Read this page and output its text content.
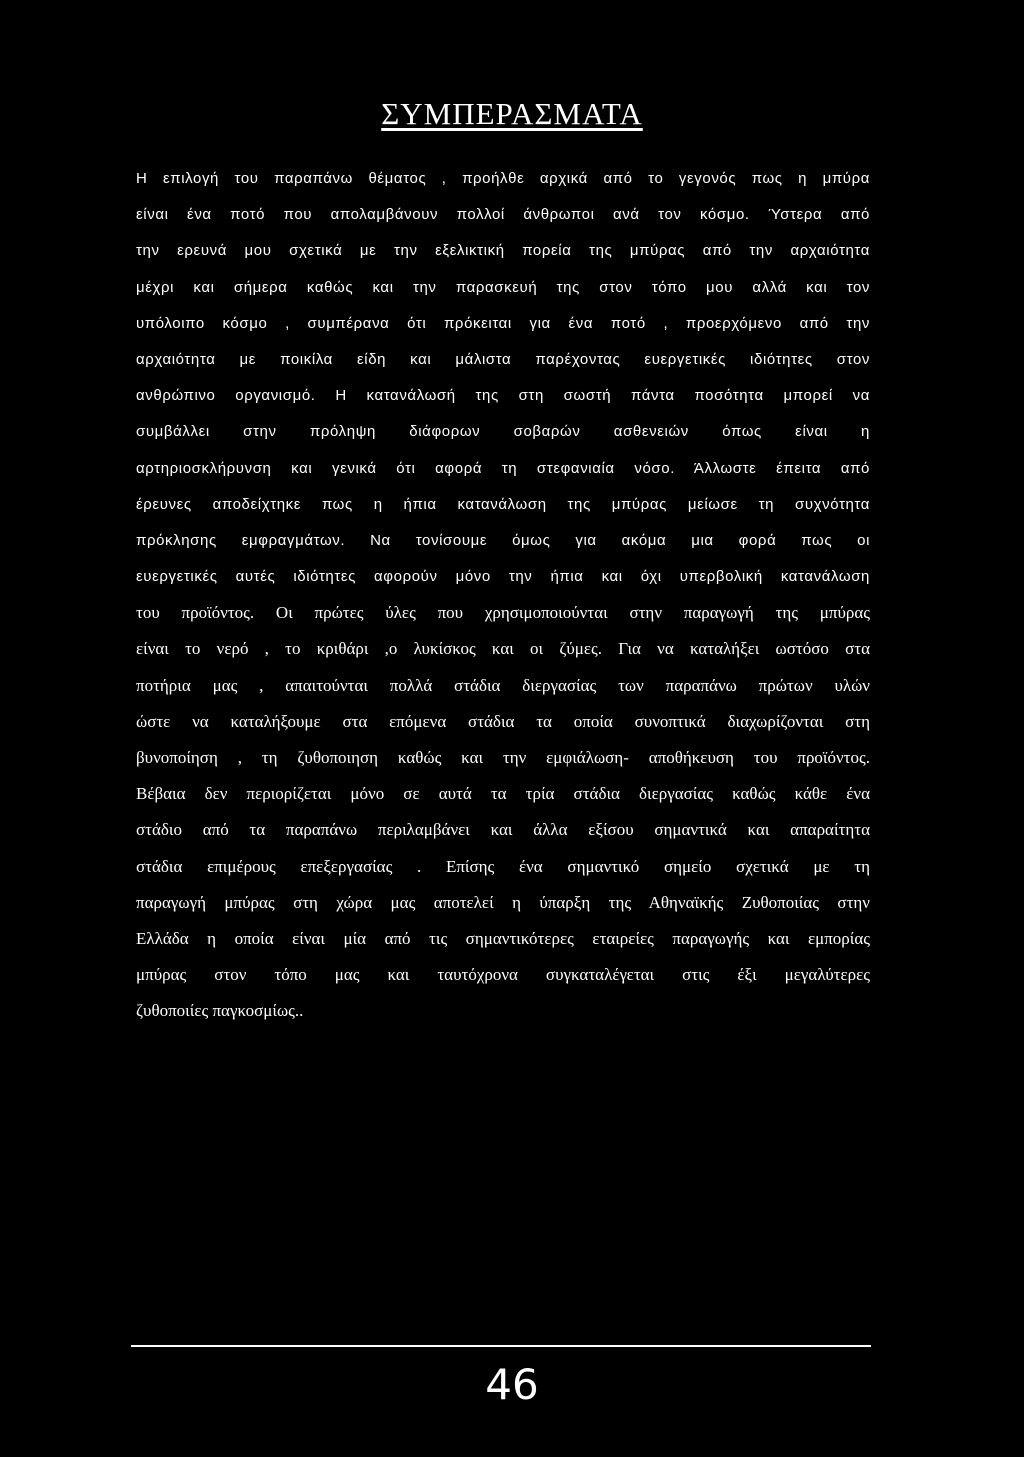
ΣΥΜΠΕΡΑΣΜΑΤΑ
Η επιλογή του παραπάνω θέματος , προήλθε αρχικά από το γεγονός πως η μπύρα
είναι ένα ποτό που απολαμβάνουν πολλοί άνθρωποι ανά τον κόσμο. Ύστερα από
την ερευνά μου σχετικά με την εξελικτική πορεία της μπύρας από την αρχαιότητα
μέχρι και σήμερα καθώς και την παρασκευή της στον τόπο μου αλλά και τον
υπόλοιπο κόσμο , συμπέρανα ότι πρόκειται για ένα ποτό , προερχόμενο από την
αρχαιότητα με ποικίλα είδη και μάλιστα παρέχοντας ευεργετικές ιδιότητες στον
ανθρώπινο οργανισμό. Η κατανάλωσή της στη σωστή πάντα ποσότητα μπορεί να
συμβάλλει στην πρόληψη διάφορων σοβαρών ασθενειών όπως είναι η
αρτηριοσκλήρυνση και γενικά ότι αφορά τη στεφανιαία νόσο. Άλλωστε έπειτα από
έρευνες αποδείχτηκε πως η ήπια κατανάλωση της μπύρας μείωσε τη συχνότητα
πρόκλησης εμφραγμάτων. Να τονίσουμε όμως για ακόμα μια φορά πως οι
ευεργετικές αυτές ιδιότητες αφορούν μόνο την ήπια και όχι υπερβολική κατανάλωση
του προϊόντος. Οι πρώτες ύλες που χρησιμοποιούνται στην παραγωγή της μπύρας
είναι το νερό , το κριθάρι ,ο λυκίσκος και οι ζύμες. Για να καταλήξει ωστόσο στα
ποτήρια μας , απαιτούνται πολλά στάδια διεργασίας των παραπάνω πρώτων υλών
ώστε να καταλήξουμε στα επόμενα στάδια τα οποία συνοπτικά διαχωρίζονται στη
βυνοποίηση , τη ζυθοποιηση καθώς και την εμφιάλωση- αποθήκευση του προϊόντος.
Βέβαια δεν περιορίζεται μόνο σε αυτά τα τρία στάδια διεργασίας καθώς κάθε ένα
στάδιο από τα παραπάνω περιλαμβάνει και άλλα εξίσου σημαντικά και απαραίτητα
στάδια επιμέρους επεξεργασίας . Επίσης ένα σημαντικό σημείο σχετικά με τη
παραγωγή μπύρας στη χώρα μας αποτελεί η ύπαρξη της Αθηναϊκής Ζυθοποιίας στην
Ελλάδα η οποία είναι μία από τις σημαντικότερες εταιρείες παραγωγής και εμπορίας
μπύρας στον τόπο μας και ταυτόχρονα συγκαταλέγεται στις έξι μεγαλύτερες
ζυθοποιίες παγκοσμίως..
46
